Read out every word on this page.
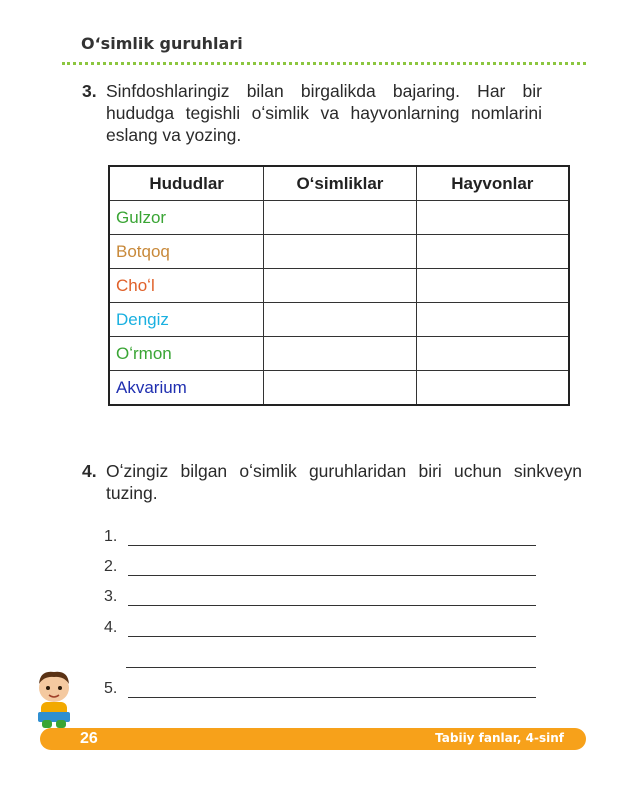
Oʻsimlik guruhlari
3. Sinfdoshlaringiz bilan birgalikda bajaring. Har bir hududga tegishli oʻsimlik va hayvonlarning nomlarini eslang va yozing.
Hududlar	Oʻsimliklar	Hayvonlar
Gulzor		
Botqoq		
Choʻl		
Dengiz		
Oʻrmon		
Akvarium		
4. Oʻzingiz bilgan oʻsimlik guruhlaridan biri uchun sinkveyn tuzing.
1.
2.
3.
4.
5.
26	Tabiiy fanlar, 4-sinf
